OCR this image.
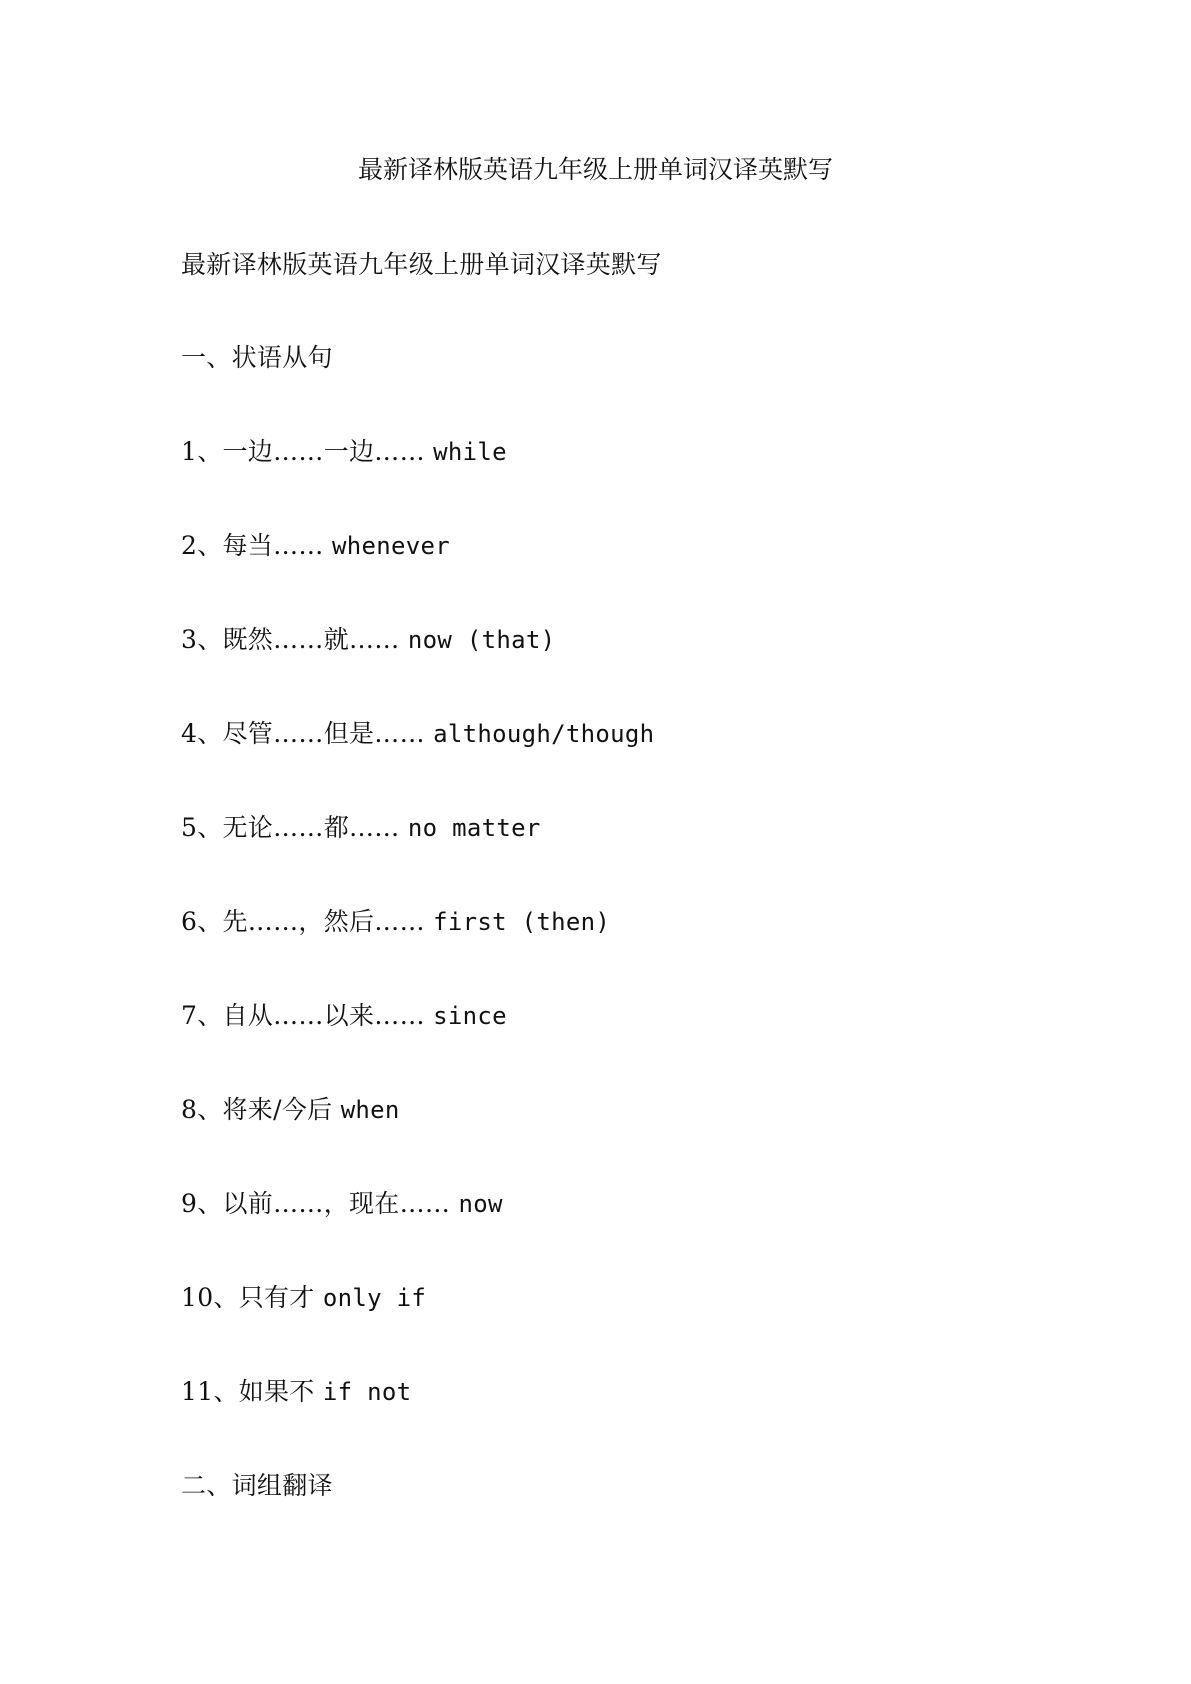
最新译林版英语九年级上册单词汉译英默写
最新译林版英语九年级上册单词汉译英默写
一、状语从句
1、一边……一边…… while
2、每当…… whenever
3、既然……就…… now (that)
4、尽管……但是…… although/though
5、无论……都…… no matter
6、先……，然后…… first (then)
7、自从……以来…… since
8、将来/今后 when
9、以前……，现在…… now
10、只有才 only if
11、如果不 if not
二、词组翻译
